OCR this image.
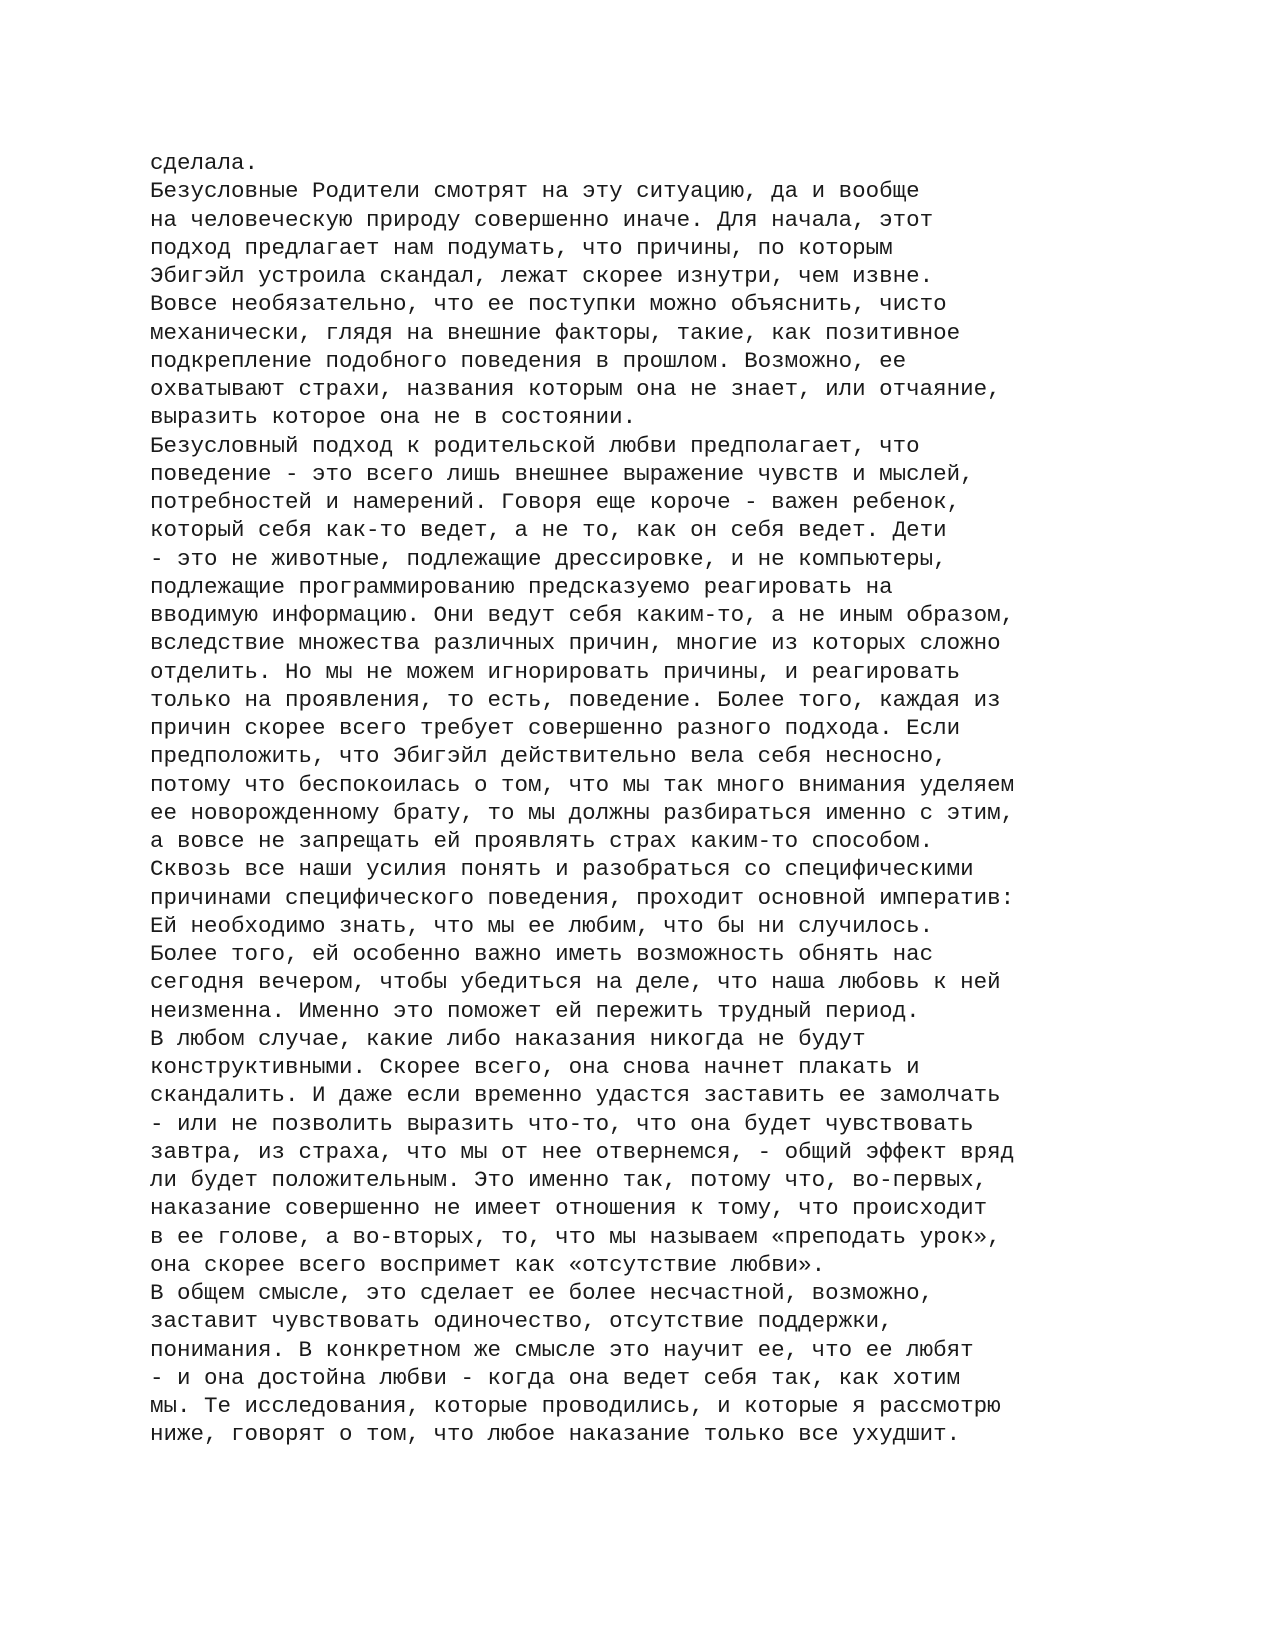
сделала.
Безусловные Родители смотрят на эту ситуацию, да и вообще
на человеческую природу совершенно иначе. Для начала, этот
подход предлагает нам подумать, что причины, по которым
Эбигэйл устроила скандал, лежат скорее изнутри, чем извне.
Вовсе необязательно, что ее поступки можно объяснить, чисто
механически, глядя на внешние факторы, такие, как позитивное
подкрепление подобного поведения в прошлом. Возможно, ее
охватывают страхи, названия которым она не знает, или отчаяние,
выразить которое она не в состоянии.
Безусловный подход к родительской любви предполагает, что
поведение - это всего лишь внешнее выражение чувств и мыслей,
потребностей и намерений. Говоря еще короче - важен ребенок,
который себя как-то ведет, а не то, как он себя ведет. Дети
- это не животные, подлежащие дрессировке, и не компьютеры,
подлежащие программированию предсказуемо реагировать на
вводимую информацию. Они ведут себя каким-то, а не иным образом,
вследствие множества различных причин, многие из которых сложно
отделить. Но мы не можем игнорировать причины, и реагировать
только на проявления, то есть, поведение. Более того, каждая из
причин скорее всего требует совершенно разного подхода. Если
предположить, что Эбигэйл действительно вела себя несносно,
потому что беспокоилась о том, что мы так много внимания уделяем
ее новорожденному брату, то мы должны разбираться именно с этим,
а вовсе не запрещать ей проявлять страх каким-то способом.
Сквозь все наши усилия понять и разобраться со специфическими
причинами специфического поведения, проходит основной императив:
Ей необходимо знать, что мы ее любим, что бы ни случилось.
Более того, ей особенно важно иметь возможность обнять нас
сегодня вечером, чтобы убедиться на деле, что наша любовь к ней
неизменна. Именно это поможет ей пережить трудный период.
В любом случае, какие либо наказания никогда не будут
конструктивными. Скорее всего, она снова начнет плакать и
скандалить. И даже если временно удастся заставить ее замолчать
- или не позволить выразить что-то, что она будет чувствовать
завтра, из страха, что мы от нее отвернемся, - общий эффект вряд
ли будет положительным. Это именно так, потому что, во-первых,
наказание совершенно не имеет отношения к тому, что происходит
в ее голове, а во-вторых, то, что мы называем «преподать урок»,
она скорее всего воспримет как «отсутствие любви».
В общем смысле, это сделает ее более несчастной, возможно,
заставит чувствовать одиночество, отсутствие поддержки,
понимания. В конкретном же смысле это научит ее, что ее любят
- и она достойна любви - когда она ведет себя так, как хотим
мы. Те исследования, которые проводились, и которые я рассмотрю
ниже, говорят о том, что любое наказание только все ухудшит.
